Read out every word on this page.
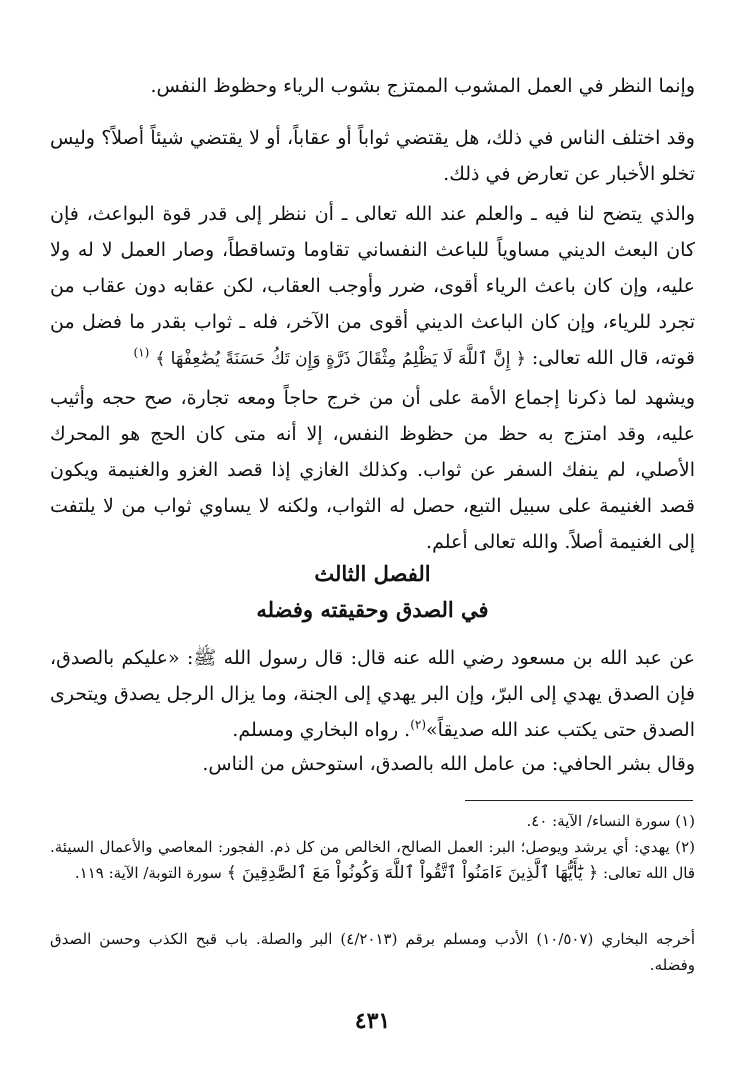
وإنما النظر في العمل المشوب الممتزج بشوب الرياء وحظوظ النفس.

وقد اختلف الناس في ذلك، هل يقتضي ثواباً أو عقاباً، أو لا يقتضي شيئاً أصلاً؟ وليس تخلو الأخبار عن تعارض في ذلك.

والذي يتضح لنا فيه ـ والعلم عند الله تعالى ـ أن ننظر إلى قدر قوة البواعث، فإن كان البعث الديني مساوياً للباعث النفساني تقاوما وتساقطاً، وصار العمل لا له ولا عليه، وإن كان باعث الرياء أقوى، ضرر وأوجب العقاب، لكن عقابه دون عقاب من تجرد للرياء، وإن كان الباعث الديني أقوى من الآخر، فله ـ ثواب بقدر ما فضل من قوته، قال الله تعالى: ﴿ إِنَّ ٱللَّهَ لَا يَظْلِمُ مِثْقَالَ ذَرَّةٍ وَإِن تَكُ حَسَنَةً يُضَٰعِفْهَا ﴾ $^{(١)}$

ويشهد لما ذكرنا إجماع الأمة على أن من خرج حاجاً ومعه تجارة، صح حجه وأثيب عليه، وقد امتزج به حظ من حظوظ النفس، إلا أنه متى كان الحج هو المحرك الأصلي، لم ينفك السفر عن ثواب. وكذلك الغازي إذا قصد الغزو والغنيمة ويكون قصد الغنيمة على سبيل التبع، حصل له الثواب، ولكنه لا يساوي ثواب من لا يلتفت إلى الغنيمة أصلاً. والله تعالى أعلم.

الفصل الثالث
في الصدق وحقيقته وفضله

عن عبد الله بن مسعود رضي الله عنه قال: قال رسول الله ﷺ: «عليكم بالصدق، فإن الصدق يهدي إلى البرّ، وإن البر يهدي إلى الجنة، وما يزال الرجل يصدق ويتحرى الصدق حتى يكتب عند الله صديقاً»$^{(٢)}$. رواه البخاري ومسلم.

وقال بشر الحافي: من عامل الله بالصدق، استوحش من الناس.

(١) سورة النساء/ الآية: ٤٠.

(٢) يهدي: أي يرشد ويوصل؛ البر: العمل الصالح، الخالص من كل ذم. الفجور: المعاصي والأعمال السيئة. قال الله تعالى: ﴿ يَٰٓأَيُّهَا ٱلَّذِينَ ءَامَنُواْ ٱتَّقُواْ ٱللَّهَ وَكُونُواْ مَعَ ٱلصَّٰدِقِينَ ﴾ سورة التوبة/ الآية: ١١٩.

أخرجه البخاري (١٠/٥٠٧) الأدب ومسلم برقم (٤/٢٠١٣) البر والصلة. باب قبح الكذب وحسن الصدق وفضله.

٤٣١
